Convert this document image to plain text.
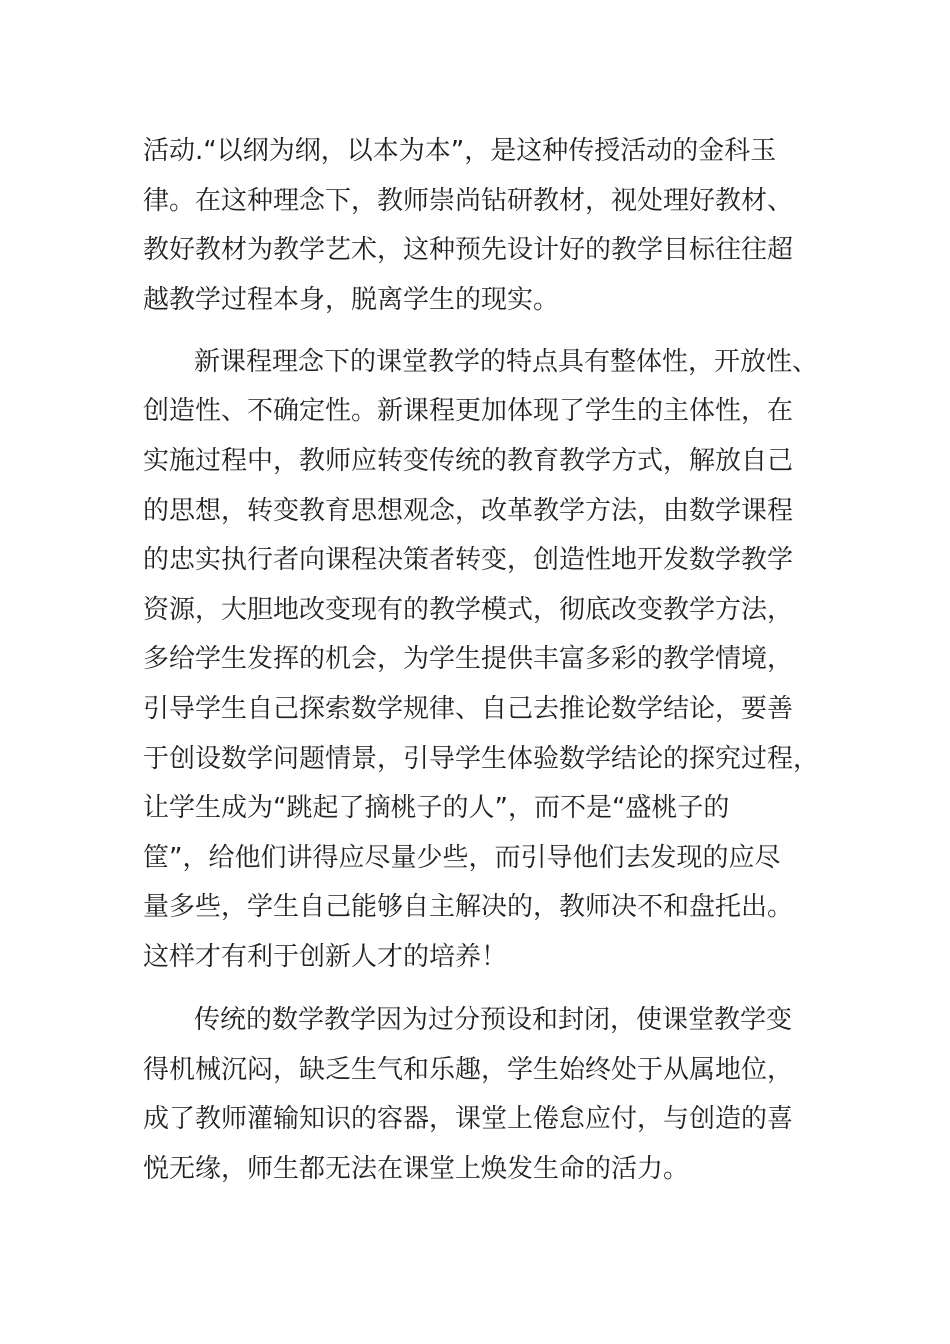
活动.“以纲为纲，以本为本”，是这种传授活动的金科玉

律。在这种理念下，教师崇尚钻研教材，视处理好教材、

教好教材为教学艺术，这种预先设计好的教学目标往往超

越教学过程本身，脱离学生的现实。

新课程理念下的课堂教学的特点具有整体性，开放性、

创造性、不确定性。新课程更加体现了学生的主体性，在

实施过程中，教师应转变传统的教育教学方式，解放自己

的思想，转变教育思想观念，改革教学方法，由数学课程

的忠实执行者向课程决策者转变，创造性地开发数学教学

资源，大胆地改变现有的教学模式，彻底改变教学方法，

多给学生发挥的机会，为学生提供丰富多彩的教学情境，

引导学生自己探索数学规律、自己去推论数学结论，要善

于创设数学问题情景，引导学生体验数学结论的探究过程，

让学生成为“跳起了摘桃子的人”，而不是“盛桃子的

筐”，给他们讲得应尽量少些，而引导他们去发现的应尽

量多些，学生自己能够自主解决的，教师决不和盘托出。

这样才有利于创新人才的培养！

传统的数学教学因为过分预设和封闭，使课堂教学变

得机械沉闷，缺乏生气和乐趣，学生始终处于从属地位，

成了教师灌输知识的容器，课堂上倦怠应付，与创造的喜

悦无缘，师生都无法在课堂上焕发生命的活力。
